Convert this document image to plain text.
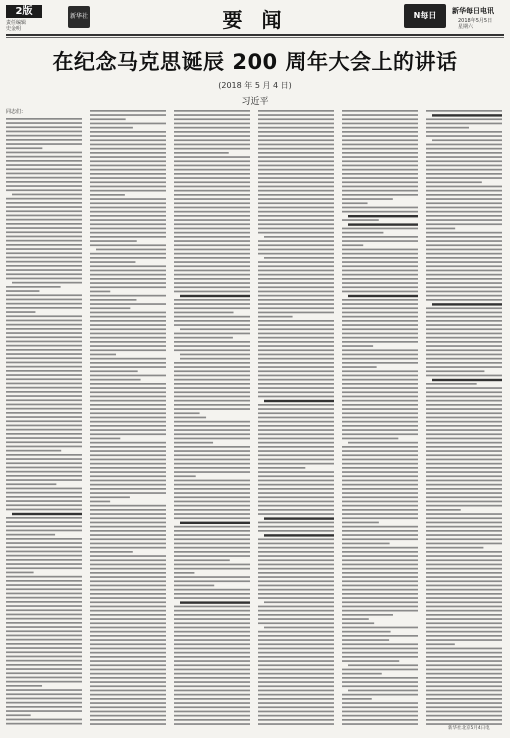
2版
责任编辑
史金明
新华社	要 闻	N每日	新华每日电讯
2018年5月5日
星期六
在纪念马克思诞辰 200 周年大会上的讲话
(2018 年 5 月 4 日)
习近平
同志们：
新华社北京5月4日电
